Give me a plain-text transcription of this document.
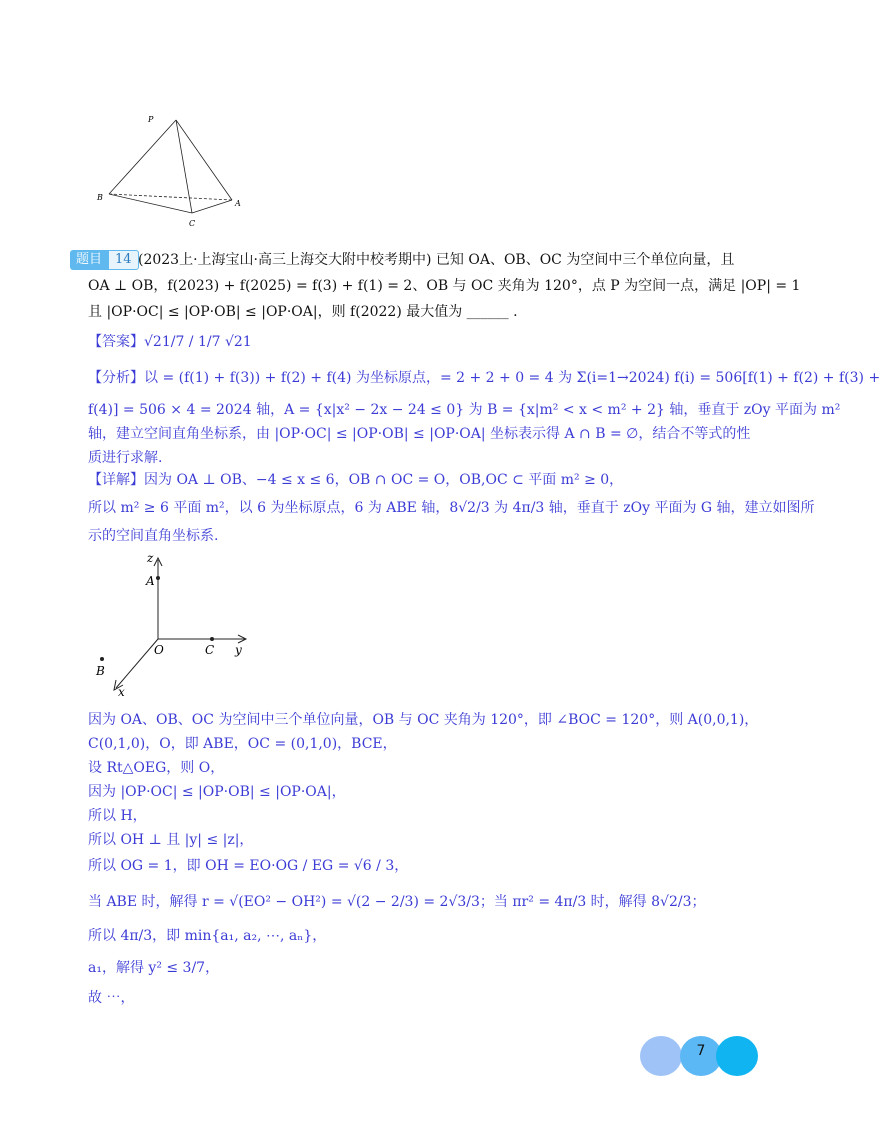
P
B
A
C
题目	14 (2023上·上海宝山·高三上海交大附中校考期中) 已知 OA、OB、OC 为空间中三个单位向量，且
OA ⊥ OB，f(2023) + f(2025) = f(3) + f(1) = 2、OB 与 OC 夹角为 120°，点 P 为空间一点，满足 |OP| = 1
且 |OP·OC| ≤ |OP·OB| ≤ |OP·OA|，则 f(2022) 最大值为 ______ .
【答案】√21/7 / 1/7 √21
【分析】以 = (f(1) + f(3)) + f(2) + f(4) 为坐标原点，= 2 + 2 + 0 = 4 为 Σ(i=1→2024) f(i) = 506[f(1) + f(2) + f(3) +
f(4)] = 506 × 4 = 2024 轴，A = {x|x² − 2x − 24 ≤ 0} 为 B = {x|m² < x < m² + 2} 轴，垂直于 zOy 平面为 m²
轴，建立空间直角坐标系，由 |OP·OC| ≤ |OP·OB| ≤ |OP·OA| 坐标表示得 A ∩ B = ∅，结合不等式的性
质进行求解.
【详解】因为 OA ⊥ OB、−4 ≤ x ≤ 6，OB ∩ OC = O，OB,OC ⊂ 平面 m² ≥ 0，
所以 m² ≥ 6 平面 m²，以 6 为坐标原点，6 为 ABE 轴，8√2/3 为 4π/3 轴，垂直于 zOy 平面为 G 轴，建立如图所
示的空间直角坐标系.
z
A
O	C y
B
x
因为 OA、OB、OC 为空间中三个单位向量，OB 与 OC 夹角为 120°，即 ∠BOC = 120°，则 A(0,0,1)，
C(0,1,0)，O，即 ABE，OC = (0,1,0)，BCE，
设 Rt△OEG，则 O，
因为 |OP·OC| ≤ |OP·OB| ≤ |OP·OA|，
所以 H，
所以 OH ⊥ 且 |y| ≤ |z|，
所以 OG = 1，即 OH = EO·OG / EG = √6 / 3，
当 ABE 时，解得 r = √(EO² − OH²) = √(2 − 2/3) = 2√3/3；当 πr² = 4π/3 时，解得 8√2/3；
所以 4π/3，即 min{a₁, a₂, ⋯, aₙ}，
a₁，解得 y² ≤ 3/7，
故 ⋯，
7
